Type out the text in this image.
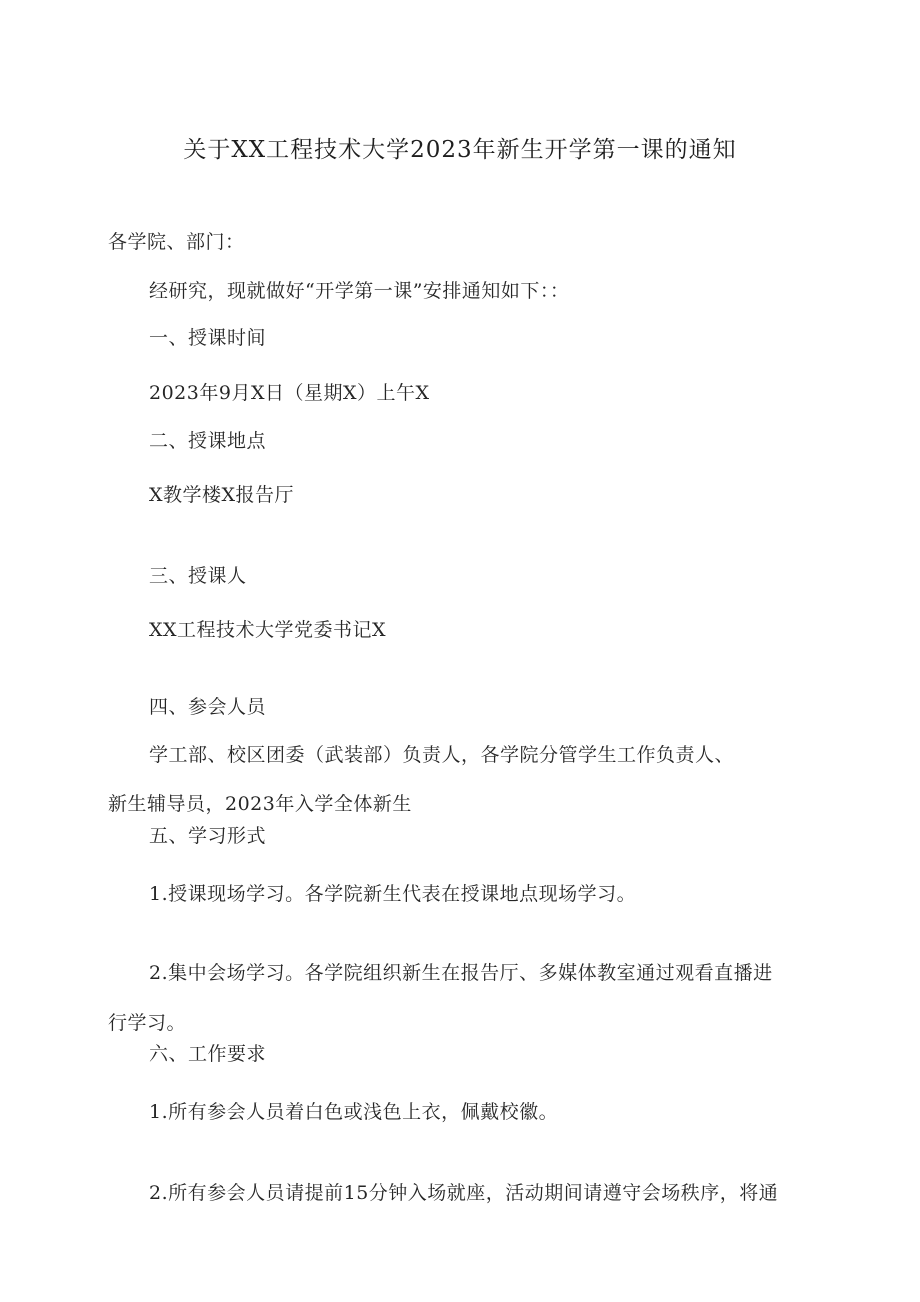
关于XX工程技术大学2023年新生开学第一课的通知
各学院、部门：
经研究，现就做好“开学第一课”安排通知如下：：
一、授课时间
2023年9月X日（星期X）上午X
二、授课地点
X教学楼X报告厅
三、授课人
XX工程技术大学党委书记X
四、参会人员
学工部、校区团委（武装部）负责人，各学院分管学生工作负责人、
新生辅导员，2023年入学全体新生
五、学习形式
1.授课现场学习。各学院新生代表在授课地点现场学习。
2.集中会场学习。各学院组织新生在报告厅、多媒体教室通过观看直播进
行学习。
六、工作要求
1.所有参会人员着白色或浅色上衣，佩戴校徽。
2.所有参会人员请提前15分钟入场就座，活动期间请遵守会场秩序，将通
